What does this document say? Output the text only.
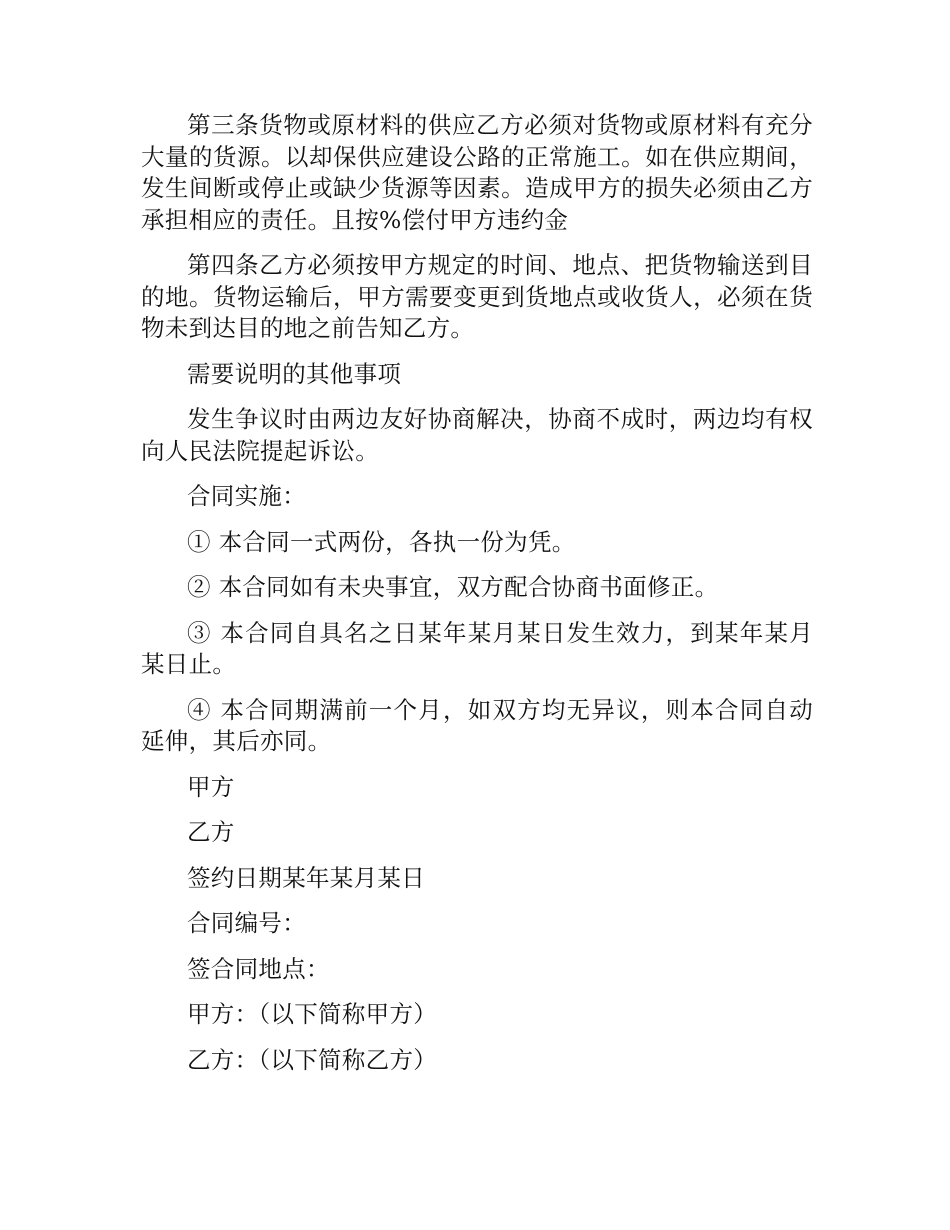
第三条货物或原材料的供应乙方必须对货物或原材料有充分大量的货源。以却保供应建设公路的正常施工。如在供应期间，发生间断或停止或缺少货源等因素。造成甲方的损失必须由乙方承担相应的责任。且按%偿付甲方违约金

第四条乙方必须按甲方规定的时间、地点、把货物输送到目的地。货物运输后，甲方需要变更到货地点或收货人，必须在货物未到达目的地之前告知乙方。

需要说明的其他事项

发生争议时由两边友好协商解决，协商不成时，两边均有权向人民法院提起诉讼。

合同实施：

① 本合同一式两份，各执一份为凭。

② 本合同如有未央事宜，双方配合协商书面修正。

③ 本合同自具名之日某年某月某日发生效力，到某年某月某日止。

④ 本合同期满前一个月，如双方均无异议，则本合同自动延伸，其后亦同。

甲方

乙方

签约日期某年某月某日

合同编号：

签合同地点：

甲方：（以下简称甲方）

乙方：（以下简称乙方）
